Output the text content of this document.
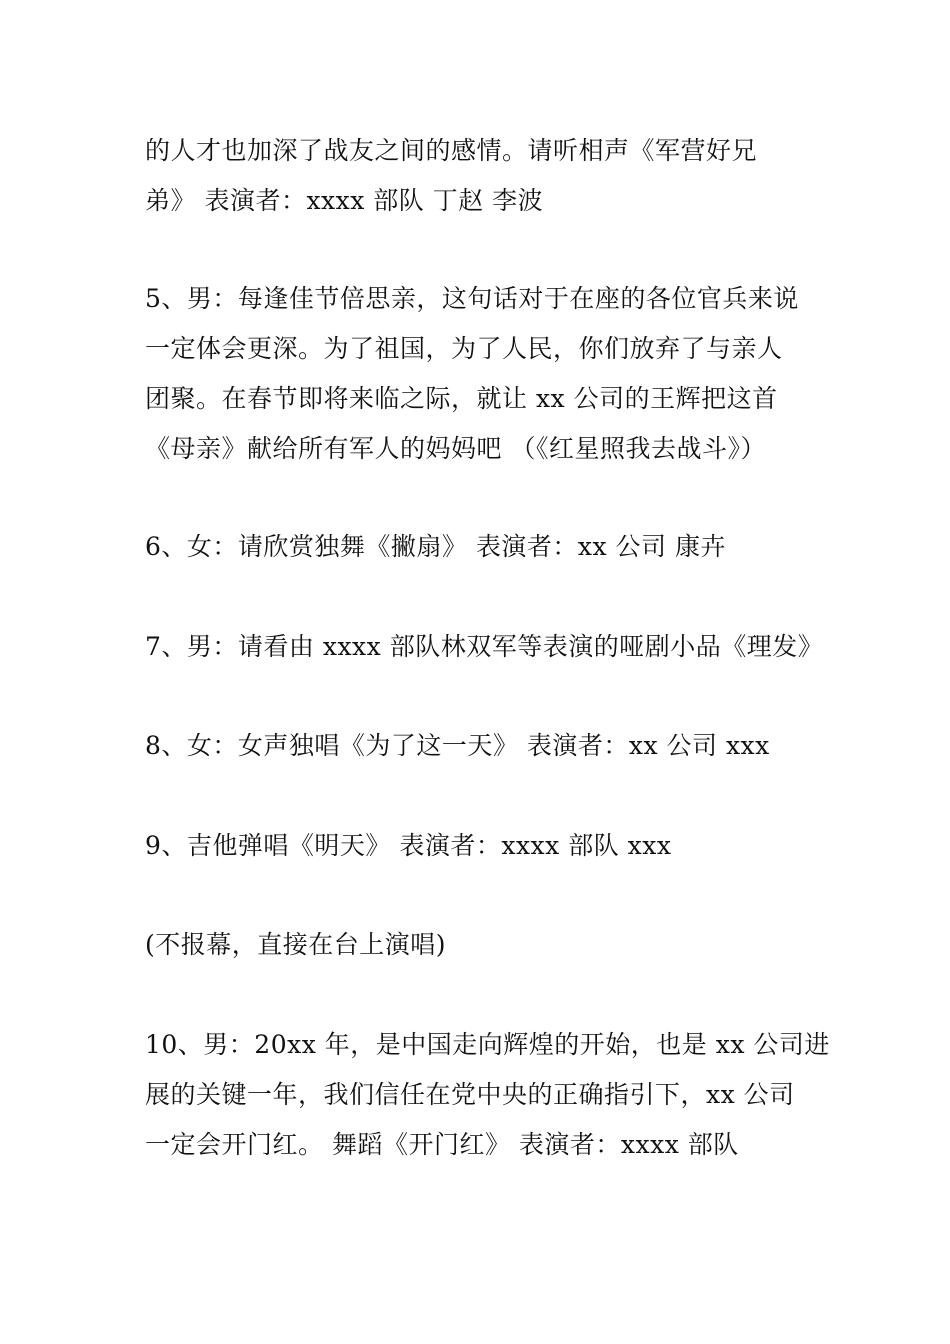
的人才也加深了战友之间的感情。请听相声《军营好兄
弟》 表演者：xxxx 部队 丁赵 李波
5、男：每逢佳节倍思亲，这句话对于在座的各位官兵来说
一定体会更深。为了祖国，为了人民，你们放弃了与亲人
团聚。在春节即将来临之际，就让 xx 公司的王辉把这首
《母亲》献给所有军人的妈妈吧 （《红星照我去战斗》）
6、女：请欣赏独舞《撇扇》 表演者：xx 公司 康卉
7、男：请看由 xxxx 部队林双军等表演的哑剧小品《理发》
8、女：女声独唱《为了这一天》 表演者：xx 公司 xxx
9、吉他弹唱《明天》 表演者：xxxx 部队 xxx
(不报幕，直接在台上演唱)
10、男：20xx 年，是中国走向辉煌的开始，也是 xx 公司进
展的关键一年，我们信任在党中央的正确指引下，xx 公司
一定会开门红。 舞蹈《开门红》 表演者：xxxx 部队
